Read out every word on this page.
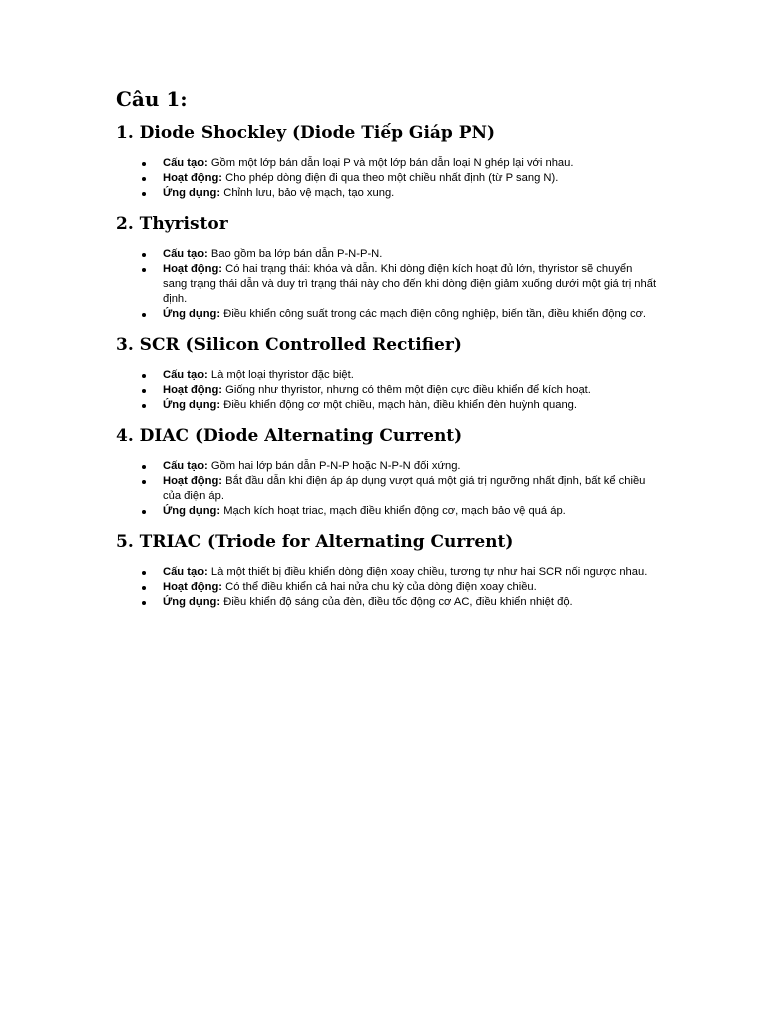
Câu 1:
1. Diode Shockley (Diode Tiếp Giáp PN)
Cấu tạo: Gồm một lớp bán dẫn loại P và một lớp bán dẫn loại N ghép lại với nhau.
Hoạt động: Cho phép dòng điện đi qua theo một chiều nhất định (từ P sang N).
Ứng dụng: Chỉnh lưu, bảo vệ mạch, tạo xung.
2. Thyristor
Cấu tạo: Bao gồm ba lớp bán dẫn P-N-P-N.
Hoạt động: Có hai trạng thái: khóa và dẫn. Khi dòng điện kích hoạt đủ lớn, thyristor sẽ chuyển sang trạng thái dẫn và duy trì trạng thái này cho đến khi dòng điện giảm xuống dưới một giá trị nhất định.
Ứng dụng: Điều khiển công suất trong các mạch điện công nghiệp, biến tần, điều khiển động cơ.
3. SCR (Silicon Controlled Rectifier)
Cấu tạo: Là một loại thyristor đặc biệt.
Hoạt động: Giống như thyristor, nhưng có thêm một điện cực điều khiển để kích hoạt.
Ứng dụng: Điều khiển động cơ một chiều, mạch hàn, điều khiển đèn huỳnh quang.
4. DIAC (Diode Alternating Current)
Cấu tạo: Gồm hai lớp bán dẫn P-N-P hoặc N-P-N đối xứng.
Hoạt động: Bắt đầu dẫn khi điện áp áp dụng vượt quá một giá trị ngưỡng nhất định, bất kể chiều của điện áp.
Ứng dụng: Mạch kích hoạt triac, mạch điều khiển động cơ, mạch bảo vệ quá áp.
5. TRIAC (Triode for Alternating Current)
Cấu tạo: Là một thiết bị điều khiển dòng điện xoay chiều, tương tự như hai SCR nối ngược nhau.
Hoạt động: Có thể điều khiển cả hai nửa chu kỳ của dòng điện xoay chiều.
Ứng dụng: Điều khiển độ sáng của đèn, điều tốc động cơ AC, điều khiển nhiệt độ.
